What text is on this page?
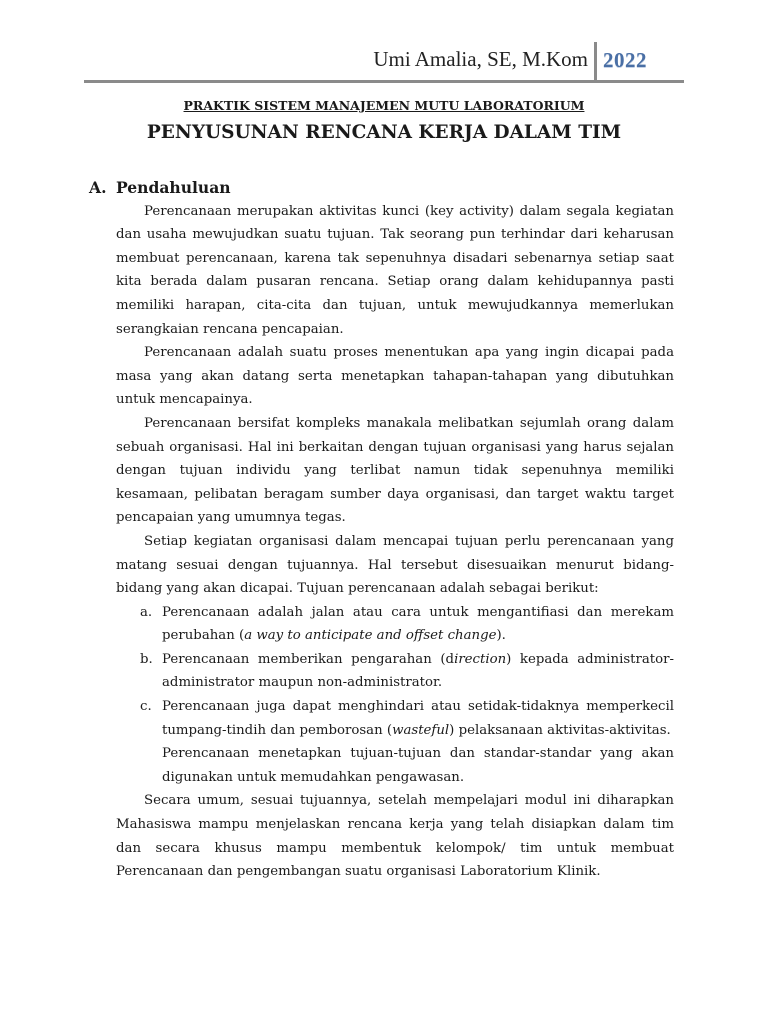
Umi Amalia, SE, M.Kom 2022
PRAKTIK SISTEM MANAJEMEN MUTU LABORATORIUM
PENYUSUNAN RENCANA KERJA DALAM TIM
A. Pendahuluan

Perencanaan merupakan aktivitas kunci (key activity) dalam segala kegiatan dan usaha mewujudkan suatu tujuan. Tak seorang pun terhindar dari keharusan membuat perencanaan, karena tak sepenuhnya disadari sebenarnya setiap saat kita berada dalam pusaran rencana. Setiap orang dalam kehidupannya pasti memiliki harapan, cita-cita dan tujuan, untuk mewujudkannya memerlukan serangkaian rencana pencapaian.

Perencanaan adalah suatu proses menentukan apa yang ingin dicapai pada masa yang akan datang serta menetapkan tahapan-tahapan yang dibutuhkan untuk mencapainya.

Perencanaan bersifat kompleks manakala melibatkan sejumlah orang dalam sebuah organisasi. Hal ini berkaitan dengan tujuan organisasi yang harus sejalan dengan tujuan individu yang terlibat namun tidak sepenuhnya memiliki kesamaan, pelibatan beragam sumber daya organisasi, dan target waktu target pencapaian yang umumnya tegas.

Setiap kegiatan organisasi dalam mencapai tujuan perlu perencanaan yang matang sesuai dengan tujuannya. Hal tersebut disesuaikan menurut bidang-bidang yang akan dicapai. Tujuan perencanaan adalah sebagai berikut:

a. Perencanaan adalah jalan atau cara untuk mengantifiasi dan merekam perubahan (a way to anticipate and offset change).
b. Perencanaan memberikan pengarahan (direction) kepada administrator-administrator maupun non-administrator.
c. Perencanaan juga dapat menghindari atau setidak-tidaknya memperkecil tumpang-tindih dan pemborosan (wasteful) pelaksanaan aktivitas-aktivitas.
Perencanaan menetapkan tujuan-tujuan dan standar-standar yang akan digunakan untuk memudahkan pengawasan.

Secara umum, sesuai tujuannya, setelah mempelajari modul ini diharapkan Mahasiswa mampu menjelaskan rencana kerja yang telah disiapkan dalam tim dan secara khusus mampu membentuk kelompok/ tim untuk membuat Perencanaan dan pengembangan suatu organisasi Laboratorium Klinik.
